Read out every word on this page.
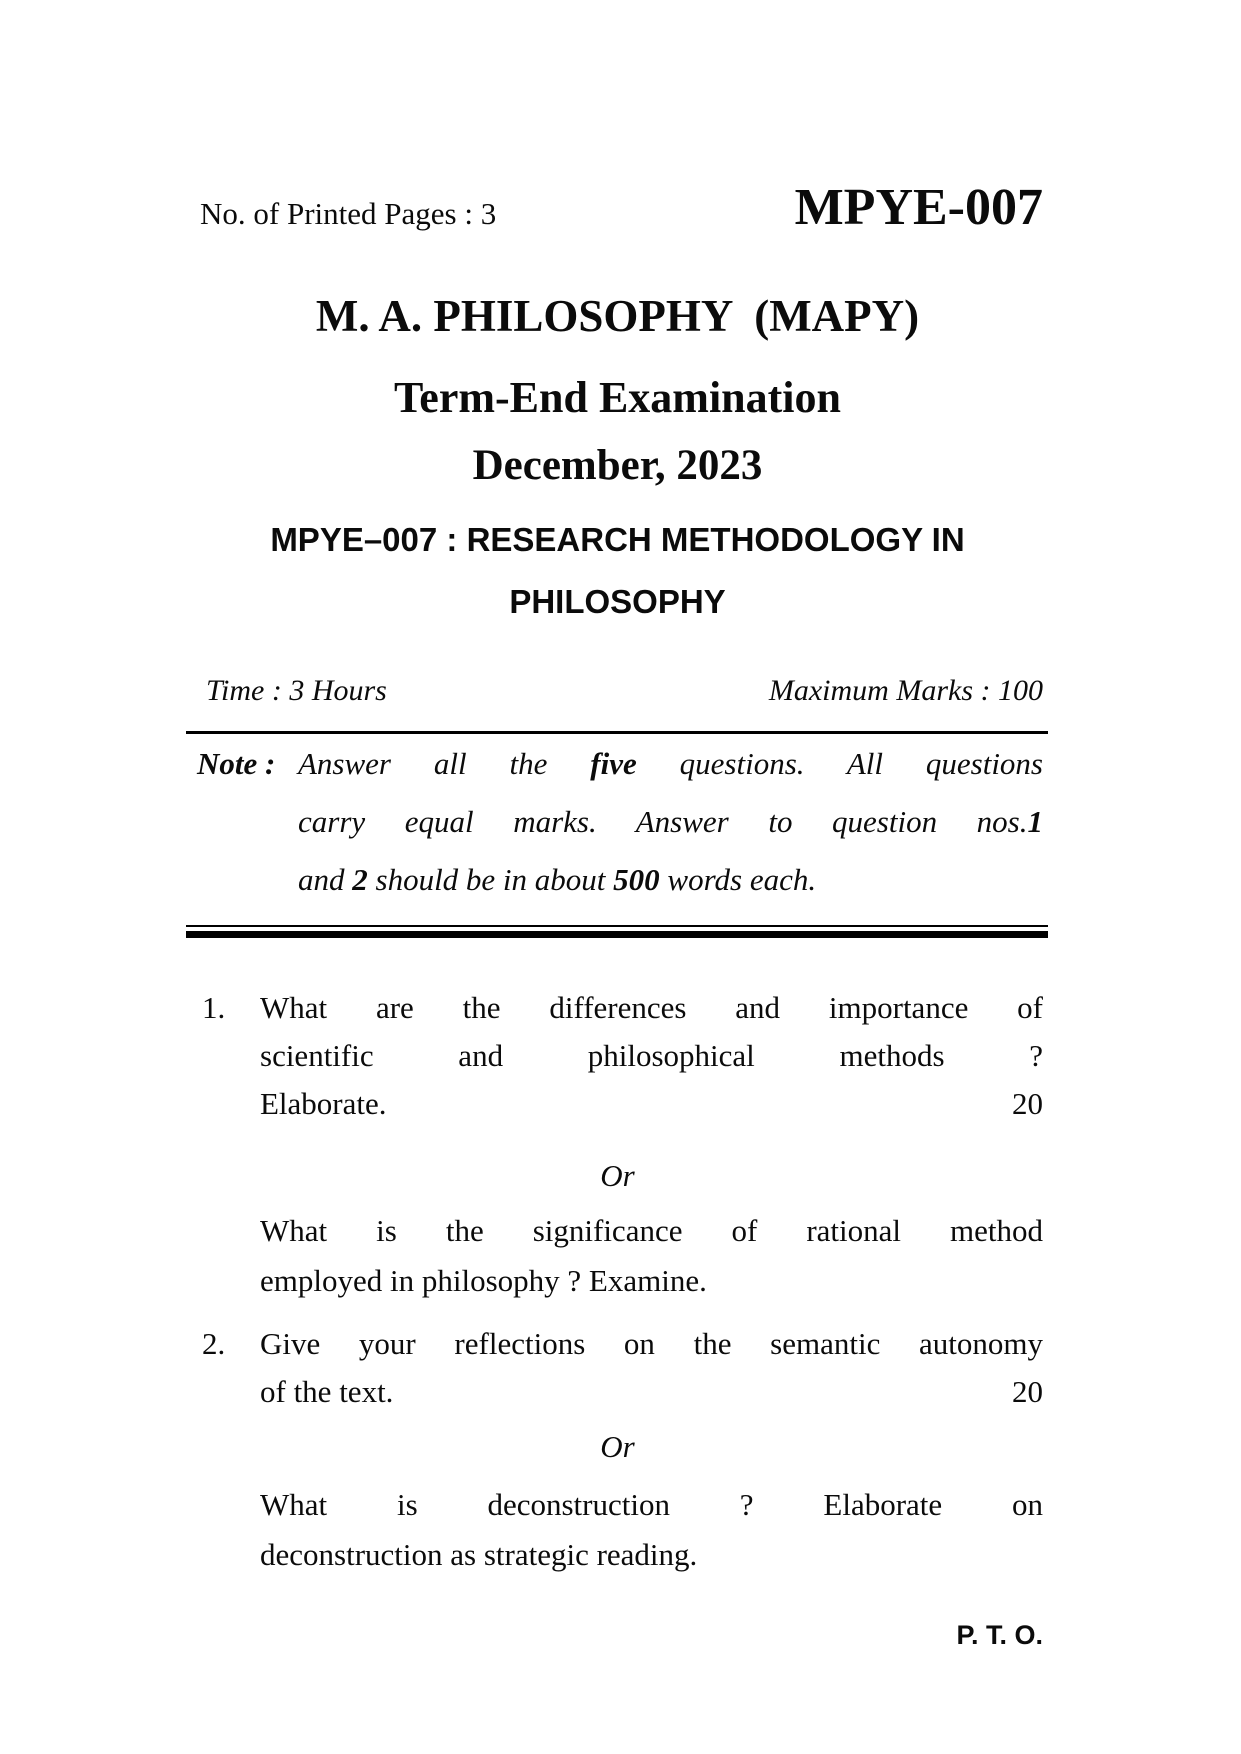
No. of Printed Pages : 3	MPYE-007
M. A. PHILOSOPHY  (MAPY)
Term-End Examination
December, 2023
MPYE–007 : RESEARCH METHODOLOGY IN
PHILOSOPHY
Time : 3 Hours	Maximum Marks : 100
Note : Answer all the five questions. All questions
carry equal marks. Answer to question nos.1
and 2 should be in about 500 words each.
1.	What are the differences and importance of
scientific and philosophical methods ?
Elaborate.	20
Or
What is the significance of rational method
employed in philosophy ? Examine.
2.	Give your reflections on the semantic autonomy
of the text.	20
Or
What is deconstruction ? Elaborate on
deconstruction as strategic reading.
P. T. O.
